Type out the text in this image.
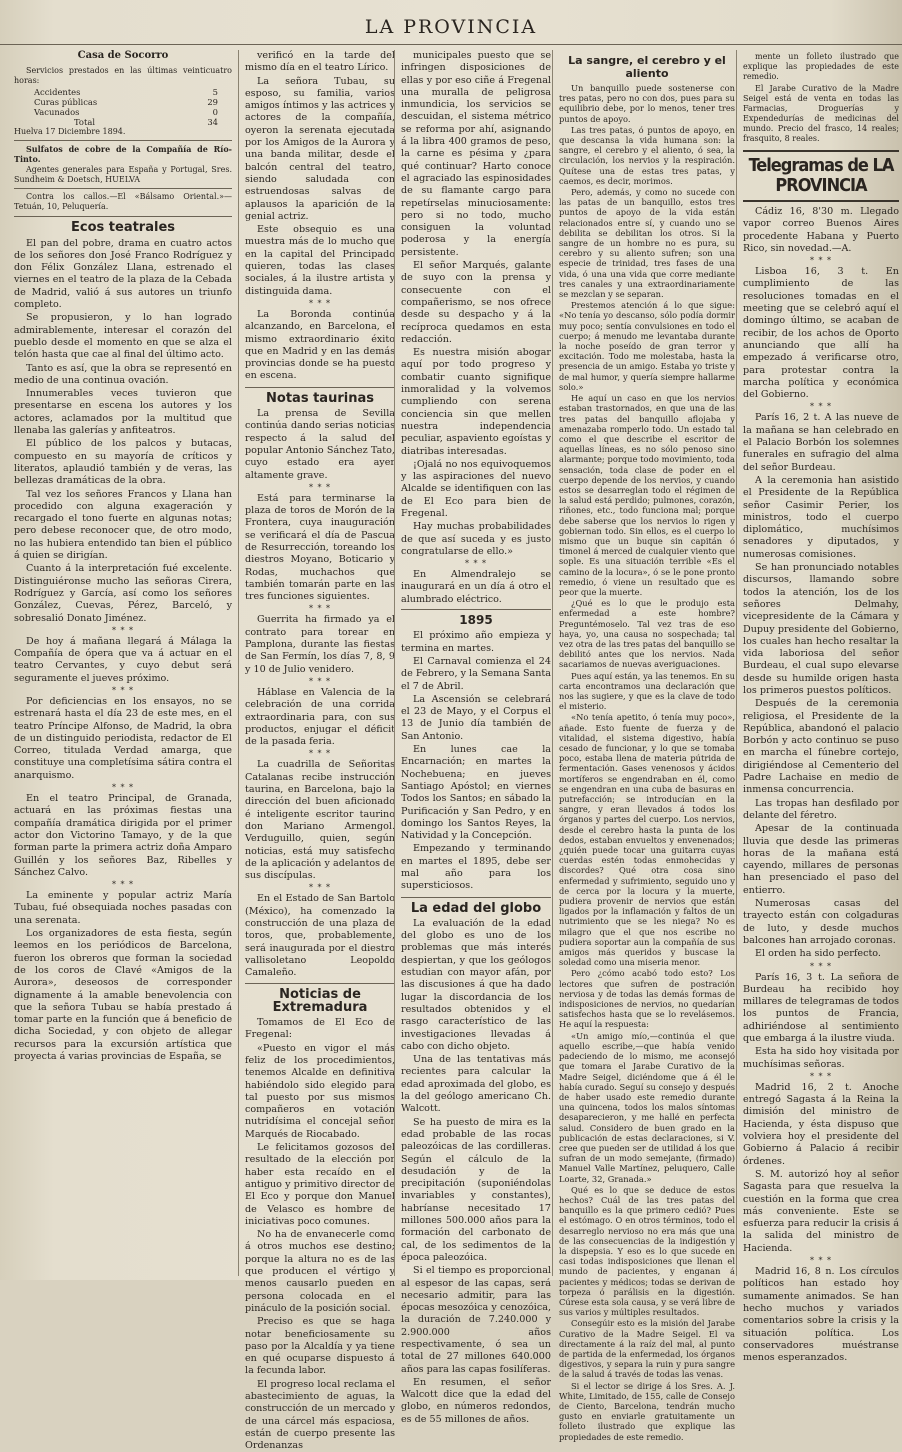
LA PROVINCIA
Casa de Socorro

Servicios prestados en las últimas veinticuatro horas:

Accidentes	5
Curas públicas	29
Vacunados	0
Total	34

Huelva 17 Diciembre 1894.

Sulfatos de cobre de la Compañía de Río-Tinto.

Agentes generales para España y Portugal, Sres. Sundheim & Doetsch, HUELVA

Contra los callos.—El «Bálsamo Oriental.»—Tetuán, 10, Peluquería.

Ecos teatrales

El pan del pobre, drama en cuatro actos de los señores don José Franco Rodríguez y don Félix González Llana, estrenado el viernes en el teatro de la plaza de la Cebada de Madrid, valió á sus autores un triunfo completo.

Se propusieron, y lo han logrado admirablemente, interesar el corazón del pueblo desde el momento en que se alza el telón hasta que cae al final del último acto.

Tanto es así, que la obra se representó en medio de una continua ovación.

Innumerables veces tuvieron que presentarse en escena los autores y los actores, aclamados por la multitud que llenaba las galerías y anfiteatros.

El público de los palcos y butacas, compuesto en su mayoría de críticos y literatos, aplaudió también y de veras, las bellezas dramáticas de la obra.

Tal vez los señores Francos y Llana han procedido con alguna exageración y recargado el tono fuerte en algunas notas; pero debese reconocer que, de otro modo, no las hubiera entendido tan bien el público á quien se dirigían.

Cuanto á la interpretación fué excelente. Distinguiéronse mucho las señoras Cirera, Rodríguez y García, así como los señores González, Cuevas, Pérez, Barceló, y sobresalió Donato Jiménez.

* * *

De hoy á mañana llegará á Málaga la Compañía de ópera que va á actuar en el teatro Cervantes, y cuyo debut será seguramente el jueves próximo.

* * *

Por deficiencias en los ensayos, no se estrenará hasta el día 23 de este mes, en el teatro Príncipe Alfonso, de Madrid, la obra de un distinguido periodista, redactor de El Correo, titulada Verdad amarga, que constituye una completísima sátira contra el anarquismo.

* * *

En el teatro Principal, de Granada, actuará en las próximas fiestas una compañía dramática dirigida por el primer actor don Victorino Tamayo, y de la que forman parte la primera actriz doña Amparo Guillén y los señores Baz, Ribelles y Sánchez Calvo.

* * *

La eminente y popular actriz María Tubau, fué obsequiada noches pasadas con una serenata.

Los organizadores de esta fiesta, según leemos en los periódicos de Barcelona, fueron los obreros que forman la sociedad de los coros de Clavé «Amigos de la Aurora», deseosos de corresponder dignamente á la amable benevolencia con que la señora Tubau se había prestado á tomar parte en la función que á beneficio de dicha Sociedad, y con objeto de allegar recursos para la excursión artística que proyecta á varias provincias de España, se

verificó en la tarde del mismo día en el teatro Lírico.

La señora Tubau, su esposo, su familia, varios amigos íntimos y las actrices y actores de la compañía, oyeron la serenata ejecutada por los Amigos de la Aurora y una banda militar, desde el balcón central del teatro, siendo saludada con estruendosas salvas de aplausos la aparición de la genial actriz.

Este obsequio es una muestra más de lo mucho que en la capital del Principado quieren, todas las clases sociales, á la ilustre artista y distinguida dama.

* * *

La Boronda continúa alcanzando, en Barcelona, el mismo extraordinario éxito que en Madrid y en las demás provincias donde se ha puesto en escena.

Notas taurinas

La prensa de Sevilla continúa dando serias noticias respecto á la salud del popular Antonio Sánchez Tato, cuyo estado era ayer altamente grave.

* * *

Está para terminarse la plaza de toros de Morón de la Frontera, cuya inauguración se verificará el día de Pascua de Resurrección, toreando los diestros Moyano, Boticario y Rodas, muchachos que también tomarán parte en las tres funciones siguientes.

* * *

Guerrita ha firmado ya el contrato para torear en Pamplona, durante las fiestas de San Fermín, los días 7, 8, 9 y 10 de Julio venidero.

* * *

Háblase en Valencia de la celebración de una corrida extraordinaria para, con sus productos, enjugar el déficit de la pasada feria.

* * *

La cuadrilla de Señoritas Catalanas recibe instrucción taurina, en Barcelona, bajo la dirección del buen aficionado é inteligente escritor taurino don Mariano Armengol. Verduguillo, quien, según noticias, está muy satisfecho de la aplicación y adelantos de sus discípulas.

* * *

En el Estado de San Bartolo (México), ha comenzado la construcción de una plaza de toros, que, probablemente, será inaugurada por el diestro vallisoletano Leopoldo Camaleño.

Noticias de Extremadura

Tomamos de El Eco de Fregenal:

«Puesto en vigor el más feliz de los procedimientos, tenemos Alcalde en definitiva habiéndolo sido elegido para tal puesto por sus mismos compañeros en votación nutridísima el concejal señor Marqués de Riocabado.

Le felicitamos gozosos del resultado de la elección por haber esta recaído en el antiguo y primitivo director de El Eco y porque don Manuel de Velasco es hombre de iniciativas poco comunes.

No ha de envanecerle como á otros muchos ese destino; porque la altura no es de las que producen el vértigo y menos causarlo pueden en persona colocada en el pináculo de la posición social.

Preciso es que se haga notar beneficiosamente su paso por la Alcaldía y ya tiene en qué ocuparse dispuesto á la fecunda labor.

El progreso local reclama el abastecimiento de aguas, la construcción de un mercado y de una cárcel más espaciosa, están de cuerpo presente las Ordenanzas

municipales puesto que se infringen disposiciones de ellas y por eso ciñe á Fregenal una muralla de peligrosa inmundicia, los servicios se descuidan, el sistema métrico se reforma por ahí, asignando á la libra 400 gramos de peso, la carne es pésima y ¿para qué continuar? Harto conoce el agraciado las espinosidades de su flamante cargo para repetírselas minuciosamente: pero si no todo, mucho consiguen la voluntad poderosa y la energía persistente.

El señor Marqués, galante de suyo con la prensa y consecuente con el compañerismo, se nos ofrece desde su despacho y á la recíproca quedamos en esta redacción.

Es nuestra misión abogar aquí por todo progreso y combatir cuanto signifique inmoralidad y la volvemos cumpliendo con serena conciencia sin que mellen nuestra independencia peculiar, aspaviento egoístas y diatribas interesadas.

¡Ojalá no nos equivoquemos y las aspiraciones del nuevo Alcalde se identifiquen con las de El Eco para bien de Fregenal.

Hay muchas probabilidades de que así suceda y es justo congratularse de ello.»

* * *

En Almendralejo se inaugurará en un día á otro el alumbrado eléctrico.

1895

El próximo año empieza y termina en martes.

El Carnaval comienza el 24 de Febrero, y la Semana Santa el 7 de Abril.

La Ascensión se celebrará el 23 de Mayo, y el Corpus el 13 de Junio día también de San Antonio.

En lunes cae la Encarnación; en martes la Nochebuena; en jueves Santiago Apóstol; en viernes Todos los Santos; en sábado la Purificación y San Pedro, y en domingo los Santos Reyes, la Natividad y la Concepción.

Empezando y terminando en martes el 1895, debe ser mal año para los supersticiosos.

La edad del globo

La evaluación de la edad del globo es uno de los problemas que más interés despiertan, y que los geólogos estudian con mayor afán, por las discusiones á que ha dado lugar la discordancia de los resultados obtenidos y el rasgo característico de las investigaciones llevadas á cabo con dicho objeto.

Una de las tentativas más recientes para calcular la edad aproximada del globo, es la del geólogo americano Ch. Walcott.

Se ha puesto de mira es la edad probable de las rocas paleozóicas de las cordilleras. Según el cálculo de la desudación y de la precipitación (suponiéndolas invariables y constantes), habríanse necesitado 17 millones 500.000 años para la formación del carbonato de cal, de los sedimentos de la época paleozóica.

Si el tiempo es proporcional al espesor de las capas, será necesario admitir, para las épocas mesozóica y cenozóica, la duración de 7.240.000 y 2.900.000 años respectivamente, ó sea un total de 27 millones 640.000 años para las capas fosilíferas.

En resumen, el señor Walcott dice que la edad del globo, en números redondos, es de 55 millones de años.

La sangre, el cerebro y el aliento

Un banquillo puede sostenerse con tres patas, pero no con dos, pues para su equilibrio debe, por lo menos, tener tres puntos de apoyo.

Las tres patas, ó puntos de apoyo, en que descansa la vida humana son: la sangre, el cerebro y el aliento, ó sea, la circulación, los nervios y la respiración. Quítese una de estas tres patas, y caemos, es decir, morimos.

Pero, además, y como no sucede con las patas de un banquillo, estos tres puntos de apoyo de la vida están relacionados entre sí, y cuando uno se debilita se debilitan los otros. Si la sangre de un hombre no es pura, su cerebro y su aliento sufren; son una especie de trinidad, tres fases de una vida, ó una una vida que corre mediante tres canales y una extraordinariamente se mezclan y se separan.

Prestemos atención á lo que sigue: «No tenía yo descanso, sólo podía dormir muy poco; sentía convulsiones en todo el cuerpo; á menudo me levantaba durante la noche poseído de gran terror y excitación. Todo me molestaba, hasta la presencia de un amigo. Estaba yo triste y de mal humor, y quería siempre hallarme solo.»

He aquí un caso en que los nervios estaban trastornados, en que una de las tres patas del banquillo aflojaba y amenazaba romperlo todo. Un estado tal como el que describe el escritor de aquellas líneas, es no sólo penoso sino alarmante; porque todo movimiento, toda sensación, toda clase de poder en el cuerpo depende de los nervios, y cuando estos se desarreglan todo el régimen de la salud está perdido; pulmones, corazón, riñones, etc., todo funciona mal; porque debe saberse que los nervios lo rigen y gobiernan todo. Sin ellos, es el cuerpo lo mismo que un buque sin capitán ó timonel á merced de cualquier viento que sople. Es una situación terrible «Es el camino de la locura», ó se le pone pronto remedio, ó viene un resultado que es peor que la muerte.

¿Qué es lo que le produjo esta enfermedad a este hombre? Preguntémoselo. Tal vez tras de eso haya, yo, una causa no sospechada; tal vez otra de las tres patas del banquillo se debilitó antes que los nervios. Nada sacariamos de nuevas averiguaciones.

Pues aquí están, ya las tenemos. En su carta encontramos una declaración que nos las sugiere, y que es la clave de todo el misterio.

«No tenía apetito, ó tenía muy poco», añade. Esto fuente de fuerza y de vitalidad, el sistema digestivo, había cesado de funcionar, y lo que se tomaba poco, estaba llena de materia pútrida de fermentación. Gases venenosos y ácidos mortíferos se engendraban en él, como se engendran en una cuba de basuras en putrefacción; se introducían en la sangre, y eran llevados á todos los órganos y partes del cuerpo. Los nervios, desde el cerebro hasta la punta de los dedos, estaban envueltos y envenenados; ¿quién puede tocar una guitarra cuyas cuerdas estén todas enmohecidas y discordes? Qué otra cosa sino enfermedad y sufrimiento, seguido uno y de cerca por la locura y la muerte, pudiera provenir de nervios que están ligados por la inflamación y faltos de un nutrimiento que se les niega? No es milagro que el que nos escribe no pudiera soportar aun la compañía de sus amigos más queridos y buscase la soledad como una miseria menor.

Pero ¿cómo acabó todo esto? Los lectores que sufren de postración nerviosa y de todas las demás formas de indisposiciones de nervios, no quedarían satisfechos hasta que se lo revelásemos. He aquí la respuesta:

«Un amigo mío,—continúa el que aquello escribe,—que había venido padeciendo de lo mismo, me aconsejó que tomara el Jarabe Curativo de la Madre Seigel, diciéndome que á él le había curado. Seguí su consejo y después de haber usado este remedio durante una quincena, todos los malos síntomas desaparecieron, y me hallé en perfecta salud. Considero de buen grado en la publicación de estas declaraciones, si V. cree que pueden ser de utilidad á los que sufran de un modo semejante, (firmado) Manuel Valle Martínez, peluquero, Calle Loarte, 32, Granada.»

Qué es lo que se deduce de estos hechos? Cuál de las tres patas del banquillo es la que primero cedió? Pues el estómago. O en otros términos, todo el desarreglo nervioso no era más que una de las consecuencias de la indigestión y la dispepsia. Y eso es lo que sucede en casi todas indisposiciones que llenan el mundo de pacientes, y enganan á pacientes y médicos; todas se derivan de torpeza ó parálisis en la digestión. Cúrese esta sola causa, y se verá libre de sus varios y múltiples resultados.

Consegúir esto es la misión del Jarabe Curativo de la Madre Seigel. El va directamente á la raíz del mal, al punto de partida de la enfermedad, los órganos digestivos, y separa la ruin y pura sangre de la salud á través de todas las venas.

Si el lector se dirige á los Sres. A. J. White, Limitado, de 155, calle de Consejo de Ciento, Barcelona, tendrán mucho gusto en enviarle gratuitamente un folleto ilustrado que explique las propiedades de este remedio.

mente un folleto ilustrado que explique las propiedades de este remedio.

El Jarabe Curativo de la Madre Seigel está de venta en todas las Farmacias, Droguerías y Expendedurías de medicinas del mundo. Precio del frasco, 14 reales; frasquito, 8 reales.

Telegramas de LA PROVINCIA

Cádiz 16, 8'30 m. Llegado vapor correo Buenos Aires procedente Habana y Puerto Rico, sin novedad.—A.

* * *

Lisboa 16, 3 t. En cumplimiento de las resoluciones tomadas en el meeting que se celebró aquí el domingo último, se acaban de recibir, de los achos de Oporto anunciando que allí ha empezado á verificarse otro, para protestar contra la marcha política y económica del Gobierno.

* * *

París 16, 2 t. A las nueve de la mañana se han celebrado en el Palacio Borbón los solemnes funerales en sufragio del alma del señor Burdeau.

A la ceremonia han asistido el Presidente de la República señor Casimir Perier, los ministros, todo el cuerpo diplomático, muchísimos senadores y diputados, y numerosas comisiones.

Se han pronunciado notables discursos, llamando sobre todos la atención, los de los señores Delmahy, vicepresidente de la Cámara y Dupuy presidente del Gobierno, los cuales han hecho resaltar la vida laboriosa del señor Burdeau, el cual supo elevarse desde su humilde origen hasta los primeros puestos políticos.

Después de la ceremonia religiosa, el Presidente de la República, abandonó el palacio Borbón y acto continuo se puso en marcha el fúnebre cortejo, dirigiéndose al Cementerio del Padre Lachaise en medio de inmensa concurrencia.

Las tropas han desfilado por delante del féretro.

Apesar de la continuada lluvia que desde las primeras horas de la mañana está cayendo, millares de personas han presenciado el paso del entierro.

Numerosas casas del trayecto están con colgaduras de luto, y desde muchos balcones han arrojado coronas.

El orden ha sido perfecto.

* * *

París 16, 3 t. La señora de Burdeau ha recibido hoy millares de telegramas de todos los puntos de Francia, adhiriéndose al sentimiento que embarga á la ilustre viuda.

Esta ha sido hoy visitada por muchísimas señoras.

* * *

Madrid 16, 2 t. Anoche entregó Sagasta á la Reina la dimisión del ministro de Hacienda, y ésta dispuso que volviera hoy el presidente del Gobierno á Palacio á recibir órdenes.

S. M. autorizó hoy al señor Sagasta para que resuelva la cuestión en la forma que crea más conveniente. Este se esfuerza para reducir la crisis á la salida del ministro de Hacienda.

* * *

Madrid 16, 8 n. Los círculos políticos han estado hoy sumamente animados. Se han hecho muchos y variados comentarios sobre la crisis y la situación política. Los conservadores muéstranse menos esperanzados.
